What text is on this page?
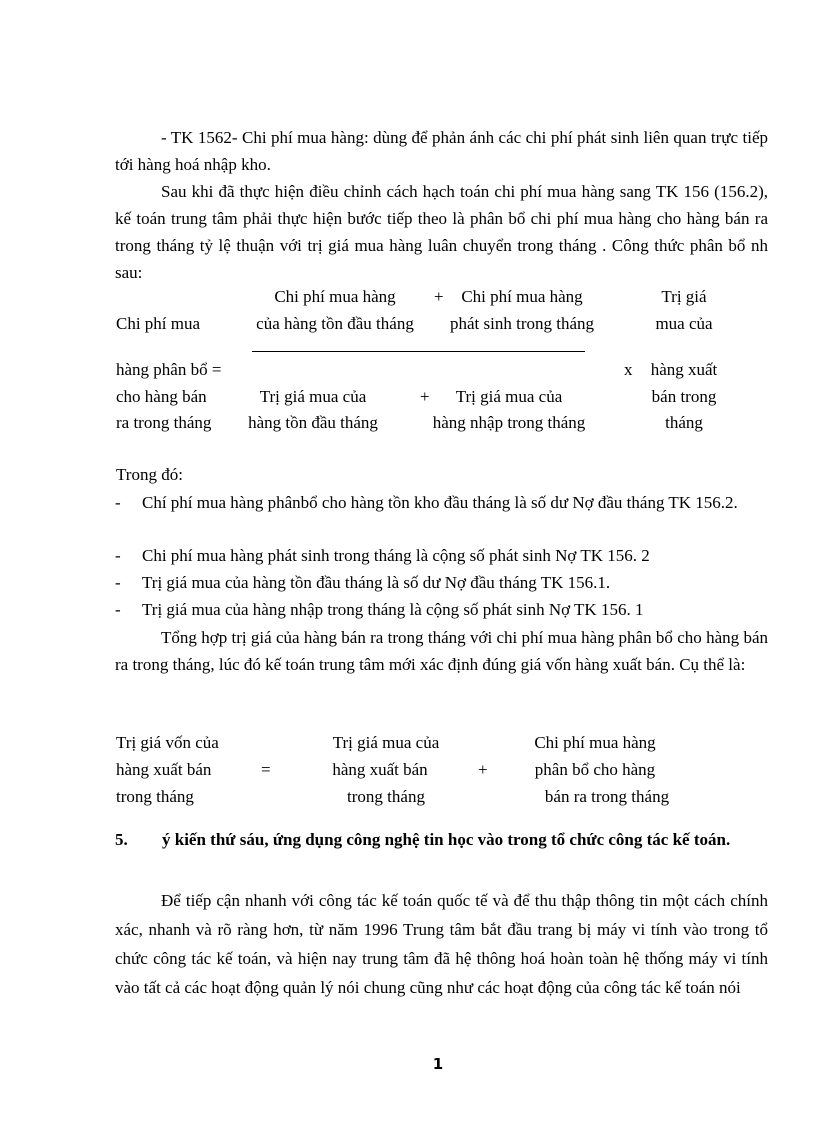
- TK 1562- Chi phí mua hàng: dùng để phản ánh các chi phí phát sinh liên quan trực tiếp tới hàng hoá nhập kho.
Sau khi đã thực hiện điều chỉnh cách hạch toán chi phí mua hàng sang TK 156 (156.2), kế toán trung tâm phải thực hiện bước tiếp theo là phân bổ chi phí mua hàng cho hàng bán ra trong tháng tỷ lệ thuận với trị giá mua hàng luân chuyển trong tháng . Công thức phân bổ nh sau:
Chi phí mua
hàng phân bổ =
cho hàng bán
ra trong tháng
Chi phí mua hàng
của hàng tồn đầu tháng
+	Chi phí mua hàng
phát sinh trong tháng
Trị giá mua của
hàng tồn đầu tháng
+	Trị giá mua của
hàng nhập trong tháng
x
Trị giá
mua của
hàng xuất
bán trong
tháng
Trong đó:
- Chí phí mua hàng phânbổ cho hàng tồn kho đầu tháng là số dư Nợ đầu tháng TK 156.2.
- Chi phí mua hàng phát sinh trong tháng là cộng số phát sinh Nợ TK 156. 2
- Trị giá mua của hàng tồn đầu tháng là số dư Nợ đầu tháng TK 156.1.
- Trị giá mua của hàng nhập trong tháng là cộng số phát sinh Nợ TK 156. 1
Tổng hợp trị giá của hàng bán ra trong tháng với chi phí mua hàng phân bổ cho hàng bán ra trong tháng, lúc đó kế toán trung tâm mới xác định đúng giá vốn hàng xuất bán. Cụ thể là:
Trị giá vốn của
hàng xuất bán
trong tháng
=
Trị giá mua của
hàng xuất bán
trong tháng
+
Chi phí mua hàng
phân bổ cho hàng
bán ra trong tháng
5. ý kiến thứ sáu, ứng dụng công nghệ tin học vào trong tổ chức công tác kế toán.
Để tiếp cận nhanh với công tác kế toán quốc tế và để thu thập thông tin một cách chính xác, nhanh và rõ ràng hơn, từ năm 1996 Trung tâm bắt đầu trang bị máy vi tính vào trong tổ chức công tác kế toán, và hiện nay trung tâm đã hệ thông hoá hoàn toàn hệ thống máy vi tính vào tất cả các hoạt động quản lý nói chung cũng như các hoạt động của công tác kế toán nói
1
